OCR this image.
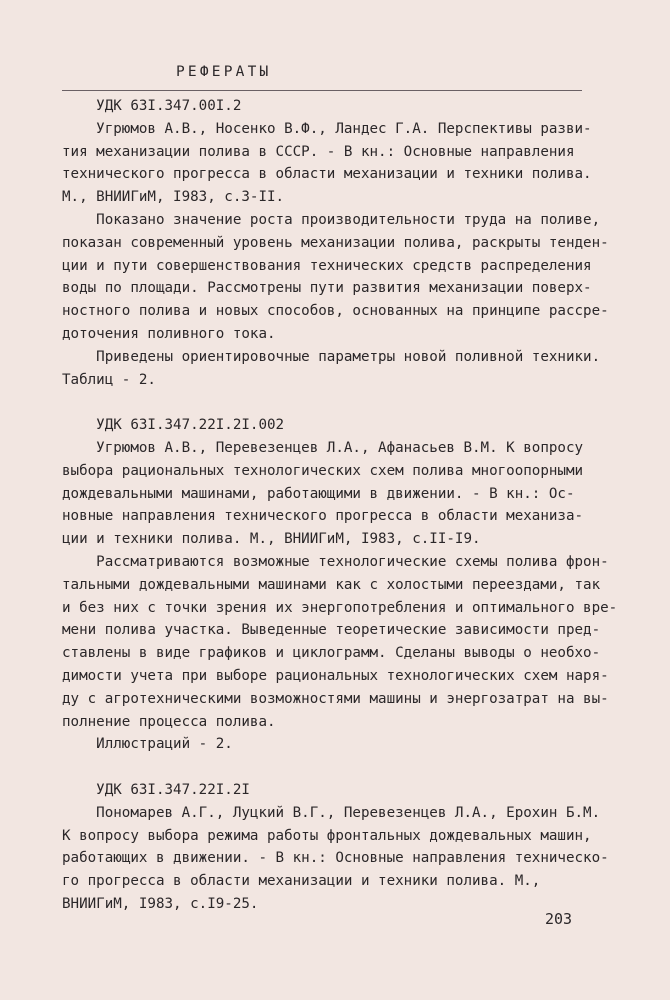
РЕФЕРАТЫ
УДК 63I.347.00I.2
Угрюмов А.В., Носенко В.Ф., Ландес Г.А. Перспективы разви-
тия механизации полива в СССР. - В кн.: Основные направления
технического прогресса в области механизации и техники полива.
М., ВНИИГиМ, I983, с.3-II.
Показано значение роста производительности труда на поливе,
показан современный уровень механизации полива, раскрыты тенден-
ции и пути совершенствования технических средств распределения
воды по площади. Рассмотрены пути развития механизации поверх-
ностного полива и новых способов, основанных на принципе рассре-
доточения поливного тока.
Приведены ориентировочные параметры новой поливной техники.
Таблиц - 2.
УДК 63I.347.22I.2I.002
Угрюмов А.В., Перевезенцев Л.А., Афанасьев В.М. К вопросу
выбора рациональных технологических схем полива многоопорными
дождевальными машинами, работающими в движении. - В кн.: Ос-
новные направления технического прогресса в области механиза-
ции и техники полива. М., ВНИИГиМ, I983, с.II-I9.
Рассматриваются возможные технологические схемы полива фрон-
тальными дождевальными машинами как с холостыми переездами, так
и без них с точки зрения их энергопотребления и оптимального вре-
мени полива участка. Выведенные теоретические зависимости пред-
ставлены в виде графиков и циклограмм. Сделаны выводы о необхо-
димости учета при выборе рациональных технологических схем наря-
ду с агротехническими возможностями машины и энергозатрат на вы-
полнение процесса полива.
Иллюстраций - 2.
УДК 63I.347.22I.2I
Пономарев А.Г., Луцкий В.Г., Перевезенцев Л.А., Ерохин Б.М.
К вопросу выбора режима работы фронтальных дождевальных машин,
работающих в движении. - В кн.: Основные направления техническо-
го прогресса в области механизации и техники полива. М.,
ВНИИГиМ, I983, с.I9-25.
203
